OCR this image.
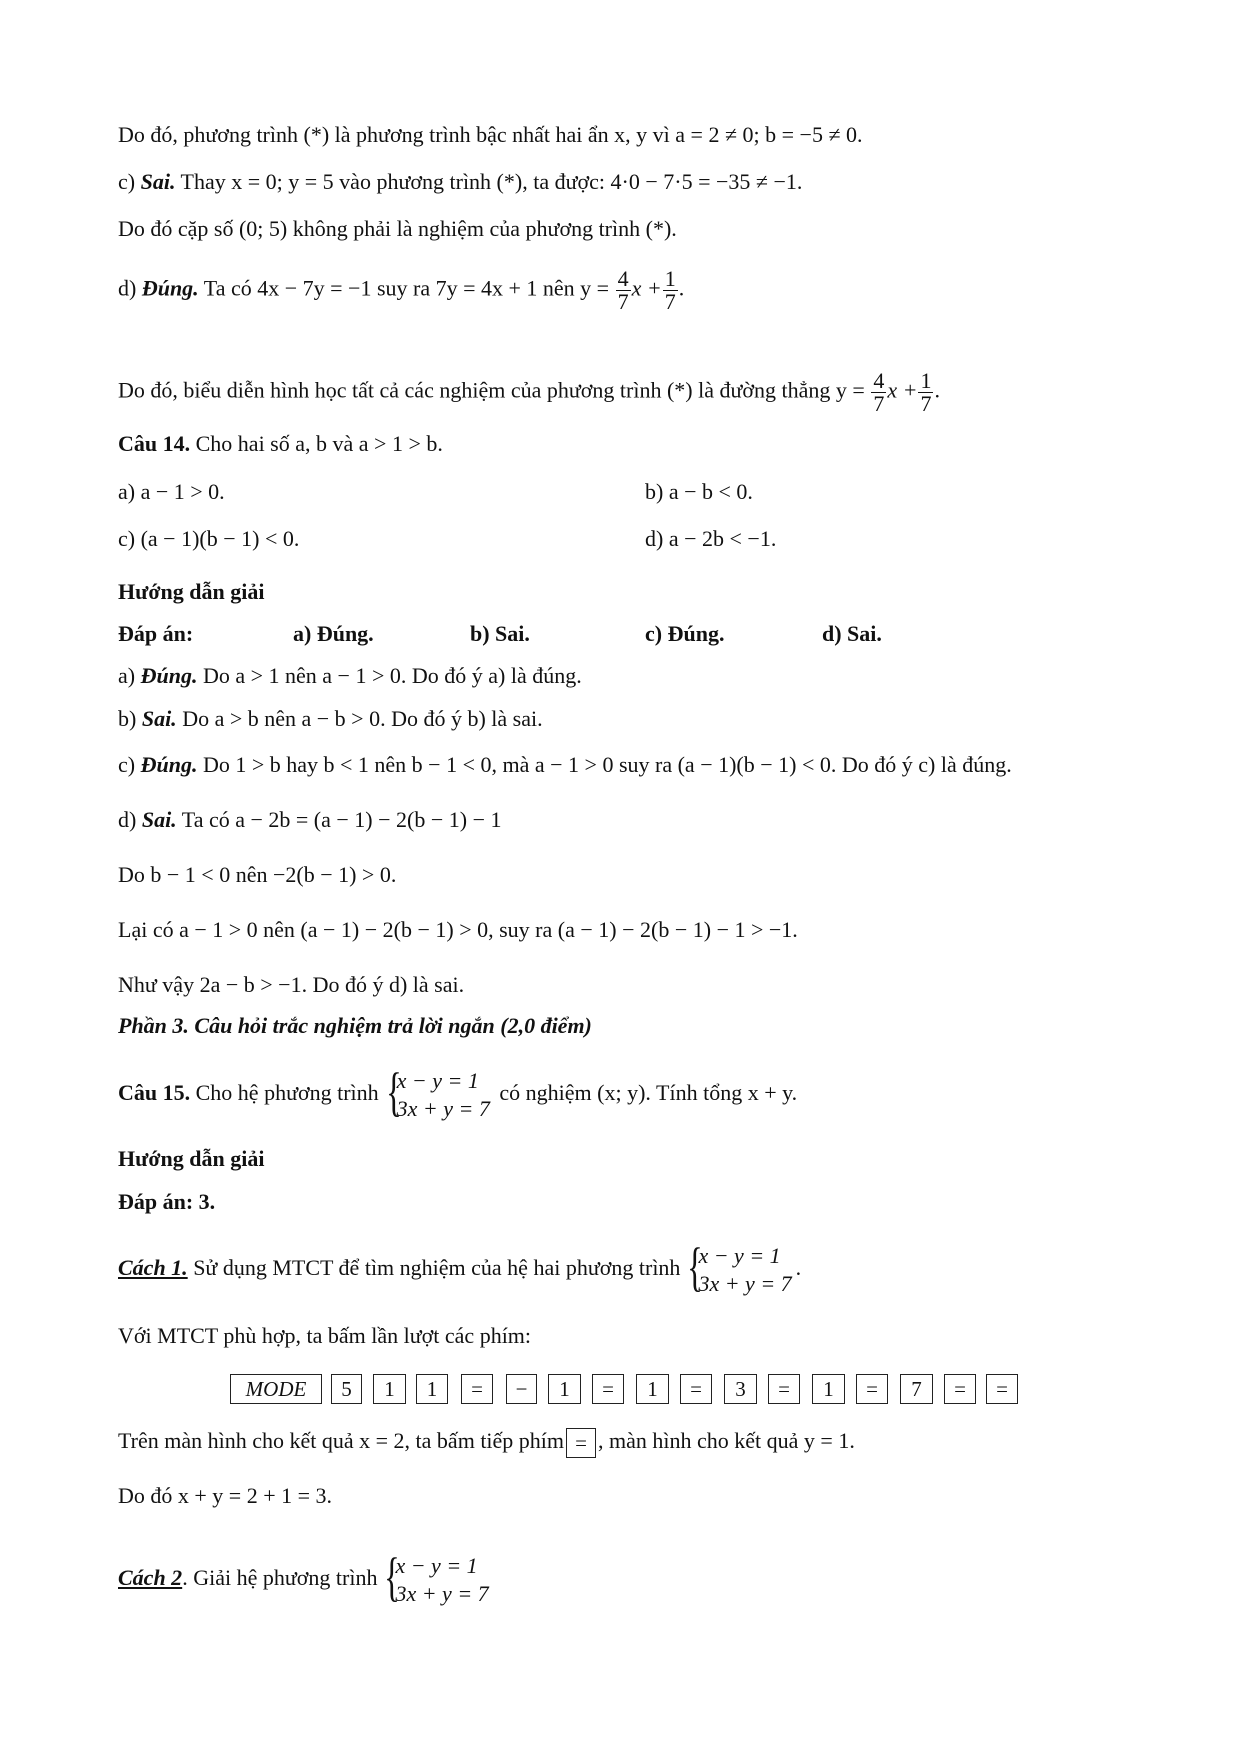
Do đó, phương trình (*) là phương trình bậc nhất hai ẩn x, y vì a = 2 ≠ 0; b = −5 ≠ 0.
c) Sai. Thay x = 0; y = 5 vào phương trình (*), ta được: 4·0 − 7·5 = −35 ≠ −1.
Do đó cặp số (0; 5) không phải là nghiệm của phương trình (*).
d) Đúng. Ta có 4x − 7y = −1 suy ra 7y = 4x + 1 nên $y = \frac{4}{7}$ $x + \frac{1}{7}$ .
Do đó, biểu diễn hình học tất cả các nghiệm của phương trình (*) là đường thẳng $y = \frac{4}{7}$ $x + \frac{1}{7}$ .
Câu 14. Cho hai số a, b và a > 1 > b.
a) a − 1 > 0.	b) a − b < 0.
c) (a − 1)(b − 1) < 0.	d) a − 2b < −1.
Hướng dẫn giải
Đáp án:	a) Đúng.	b) Sai.	c) Đúng.	d) Sai.
a) Đúng. Do a > 1 nên a − 1 > 0. Do đó ý a) là đúng.
b) Sai. Do a > b nên a − b > 0. Do đó ý b) là sai.
c) Đúng. Do 1 > b hay b < 1 nên b − 1 < 0, mà a − 1 > 0 suy ra (a − 1)(b − 1) < 0. Do đó ý c) là đúng.
d) Sai. Ta có a − 2b = (a − 1) − 2(b − 1) − 1
Do b − 1 < 0 nên −2(b − 1) > 0.
Lại có a − 1 > 0 nên (a − 1) − 2(b − 1) > 0, suy ra (a − 1) − 2(b − 1) − 1 > −1.
Như vậy 2a − b > −1. Do đó ý d) là sai.
Phần 3. Câu hỏi trắc nghiệm trả lời ngắn (2,0 điểm)
Câu 15. Cho hệ phương trình {
x − y = 1
3x + y = 7
có nghiệm (x; y). Tính tổng x + y.
Hướng dẫn giải
Đáp án: 3.
Cách 1. Sử dụng MTCT để tìm nghiệm của hệ hai phương trình {
x − y = 1
3x + y = 7
.
Với MTCT phù hợp, ta bấm lần lượt các phím:
MODE	5	1	1	=	−	1	=	1	=	3	=	1	=	7	=	=
Trên màn hình cho kết quả x = 2, ta bấm tiếp phím = , màn hình cho kết quả y = 1.
Do đó x + y = 2 + 1 = 3.
Cách 2. Giải hệ phương trình {
x − y = 1
3x + y = 7
